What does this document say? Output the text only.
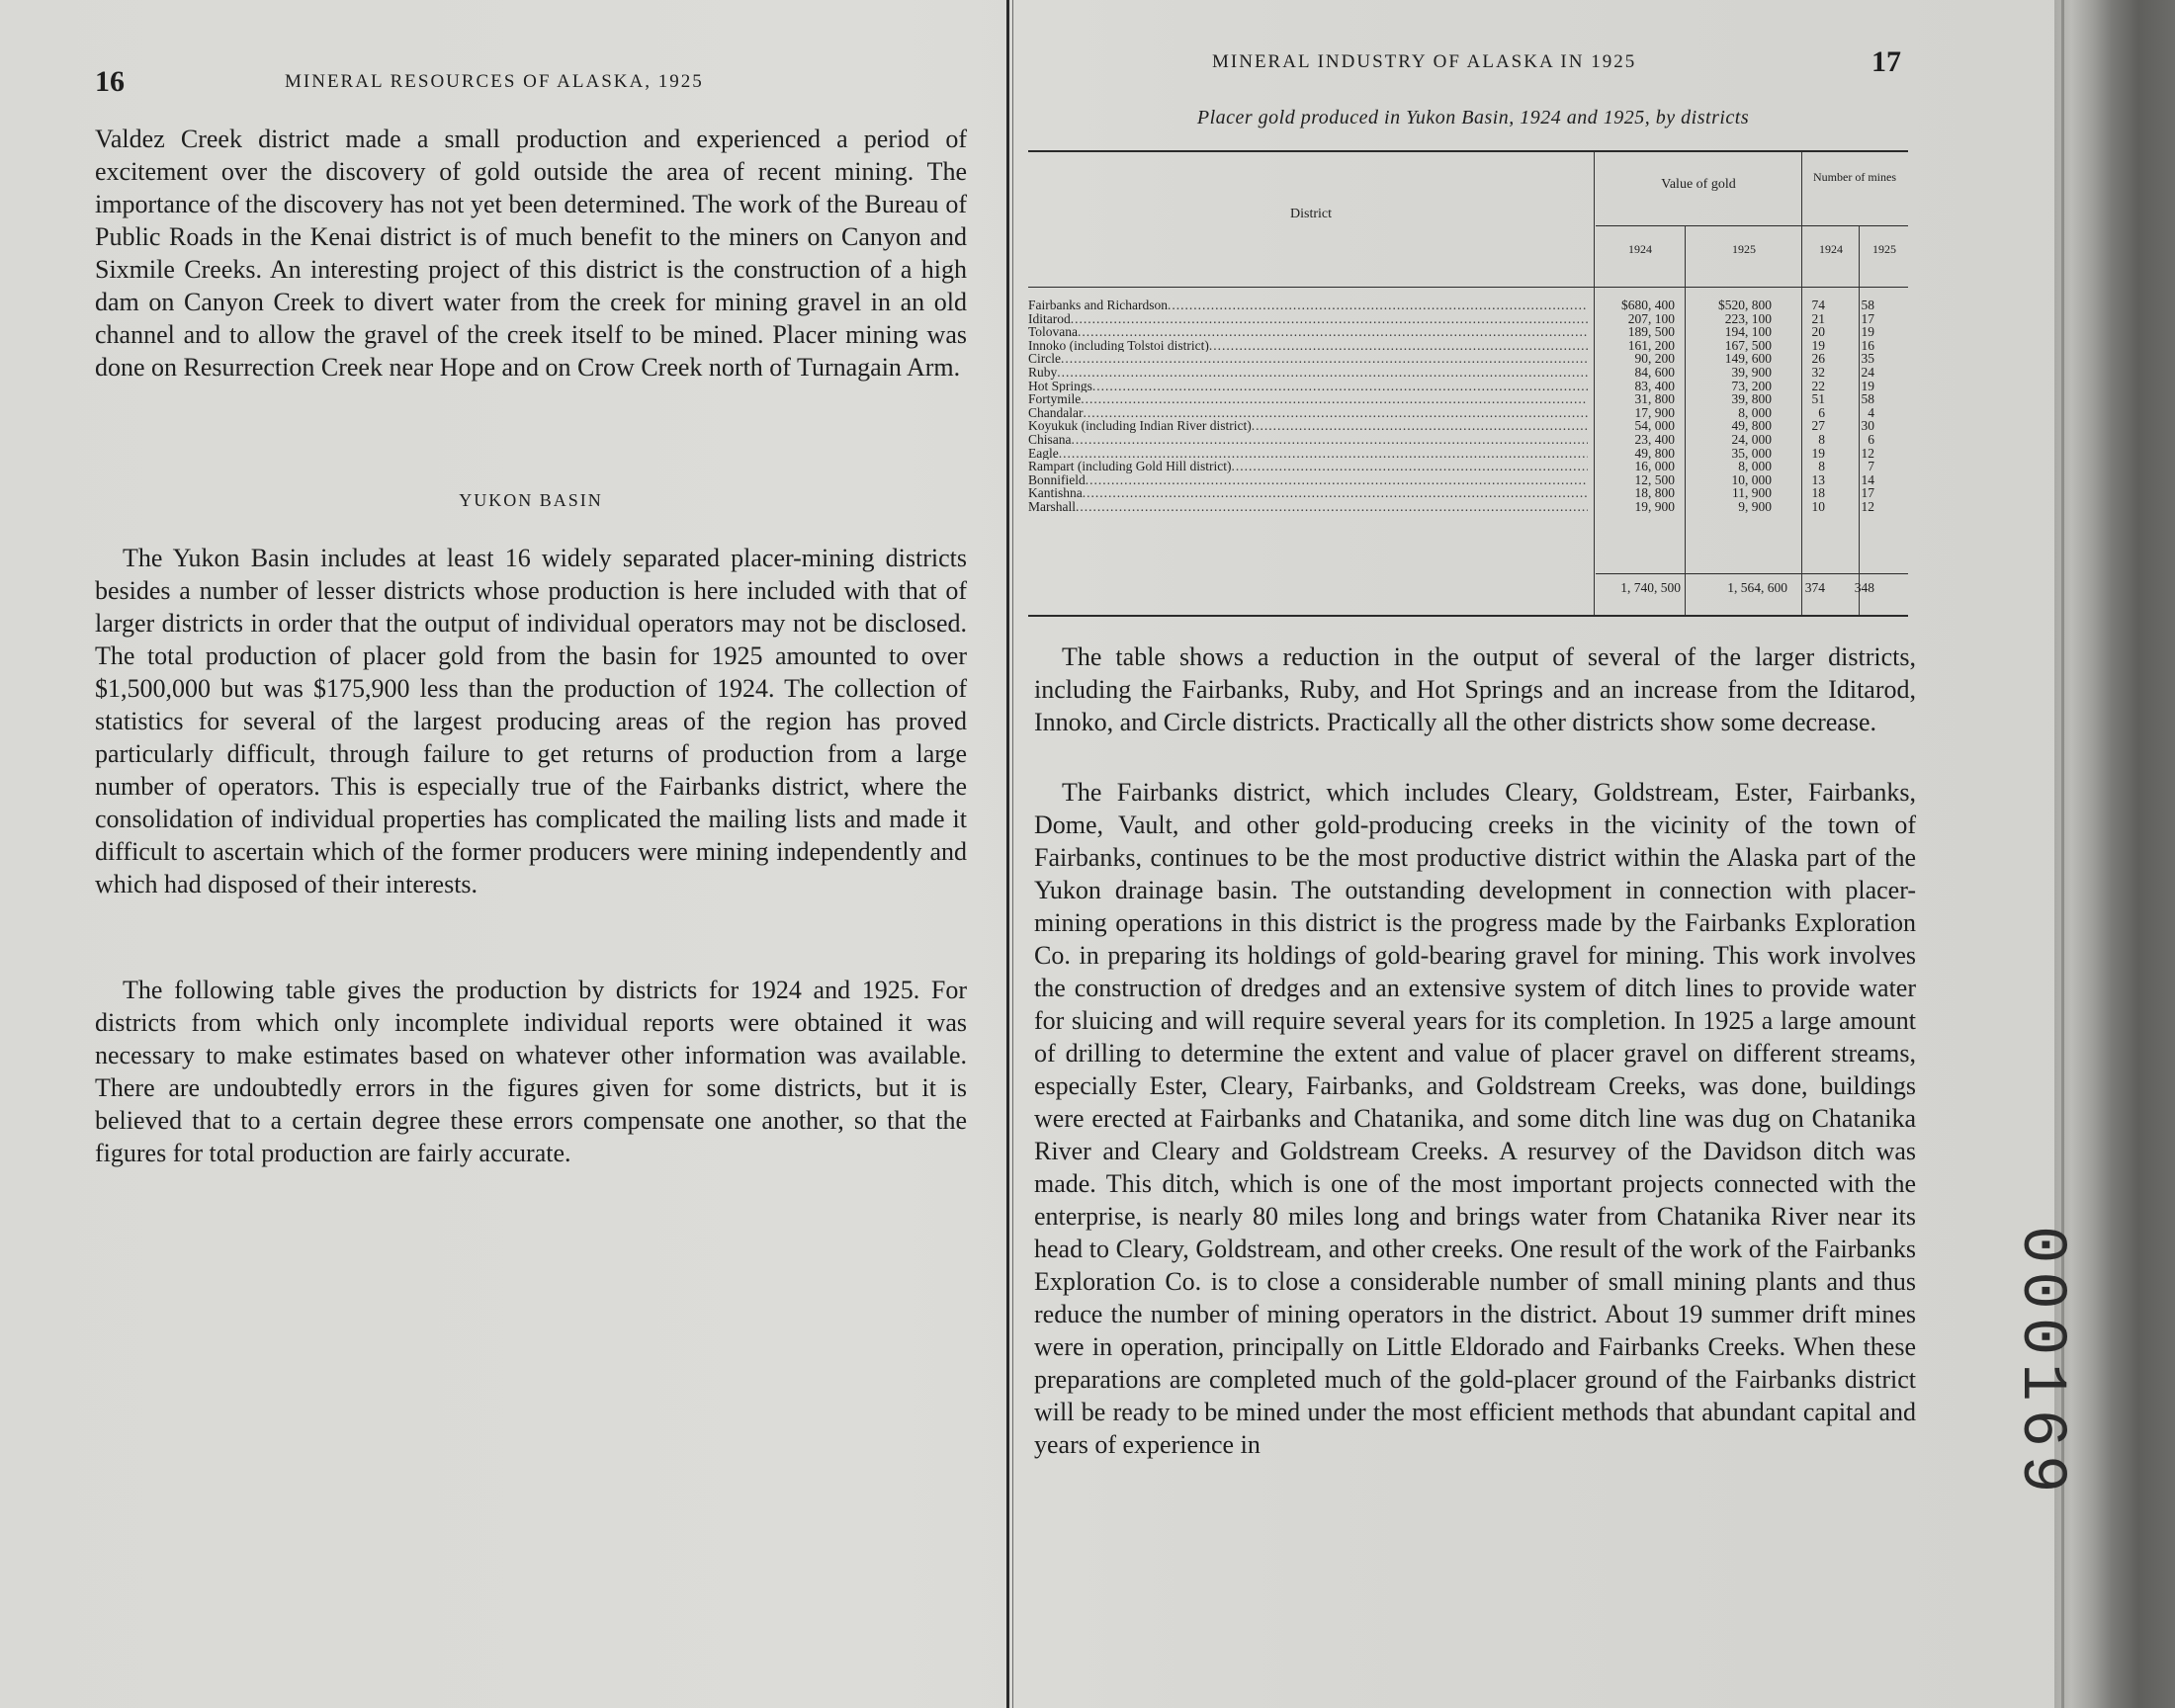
000169
16	MINERAL RESOURCES OF ALASKA, 1925

Valdez Creek district made a small production and experienced a period of excitement over the discovery of gold outside the area of recent mining. The importance of the discovery has not yet been determined. The work of the Bureau of Public Roads in the Kenai district is of much benefit to the miners on Canyon and Sixmile Creeks. An interesting project of this district is the construction of a high dam on Canyon Creek to divert water from the creek for mining gravel in an old channel and to allow the gravel of the creek itself to be mined. Placer mining was done on Resurrection Creek near Hope and on Crow Creek north of Turnagain Arm.

YUKON BASIN

The Yukon Basin includes at least 16 widely separated placer-mining districts besides a number of lesser districts whose production is here included with that of larger districts in order that the output of individual operators may not be disclosed. The total production of placer gold from the basin for 1925 amounted to over $1,500,000 but was $175,900 less than the production of 1924. The collection of statistics for several of the largest producing areas of the region has proved particularly difficult, through failure to get returns of production from a large number of operators. This is especially true of the Fairbanks district, where the consolidation of individual properties has complicated the mailing lists and made it difficult to ascertain which of the former producers were mining independently and which had disposed of their interests.

The following table gives the production by districts for 1924 and 1925. For districts from which only incomplete individual reports were obtained it was necessary to make estimates based on whatever other information was available. There are undoubtedly errors in the figures given for some districts, but it is believed that to a certain degree these errors compensate one another, so that the figures for total production are fairly accurate.

MINERAL INDUSTRY OF ALASKA IN 1925	17
Placer gold produced in Yukon Basin, 1924 and 1925, by districts
District
Value of gold	Number of mines
1924	1925	1924	1925
Fairbanks and Richardson .....	$680, 400	$520, 800	74	58
Iditarod .....	207, 100	223, 100	21	17
Tolovana .....	189, 500	194, 100	20	19
Innoko (including Tolstoi district) .....	161, 200	167, 500	19	16
Circle .....	90, 200	149, 600	26	35
Ruby .....	84, 600	39, 900	32	24
Hot Springs .....	83, 400	73, 200	22	19
Fortymile .....	31, 800	39, 800	51	58
Chandalar .....	17, 900	8, 000	6	4
Koyukuk (including Indian River district) .....	54, 000	49, 800	27	30
Chisana .....	23, 400	24, 000	8	6
Eagle .....	49, 800	35, 000	19	12
Rampart (including Gold Hill district) .....	16, 000	8, 000	8	7
Bonnifield .....	12, 500	10, 000	13	14
Kantishna .....	18, 800	11, 900	18	17
Marshall .....	19, 900	9, 900	10	12
1, 740, 500	1, 564, 600	374	348

The table shows a reduction in the output of several of the larger districts, including the Fairbanks, Ruby, and Hot Springs and an increase from the Iditarod, Innoko, and Circle districts. Practically all the other districts show some decrease.

The Fairbanks district, which includes Cleary, Goldstream, Ester, Fairbanks, Dome, Vault, and other gold-producing creeks in the vicinity of the town of Fairbanks, continues to be the most productive district within the Alaska part of the Yukon drainage basin. The outstanding development in connection with placer-mining operations in this district is the progress made by the Fairbanks Exploration Co. in preparing its holdings of gold-bearing gravel for mining. This work involves the construction of dredges and an extensive system of ditch lines to provide water for sluicing and will require several years for its completion. In 1925 a large amount of drilling to determine the extent and value of placer gravel on different streams, especially Ester, Cleary, Fairbanks, and Goldstream Creeks, was done, buildings were erected at Fairbanks and Chatanika, and some ditch line was dug on Chatanika River and Cleary and Goldstream Creeks. A resurvey of the Davidson ditch was made. This ditch, which is one of the most important projects connected with the enterprise, is nearly 80 miles long and brings water from Chatanika River near its head to Cleary, Goldstream, and other creeks. One result of the work of the Fairbanks Exploration Co. is to close a considerable number of small mining plants and thus reduce the number of mining operators in the district. About 19 summer drift mines were in operation, principally on Little Eldorado and Fairbanks Creeks. When these preparations are completed much of the gold-placer ground of the Fairbanks district will be ready to be mined under the most efficient methods that abundant capital and years of experience in
